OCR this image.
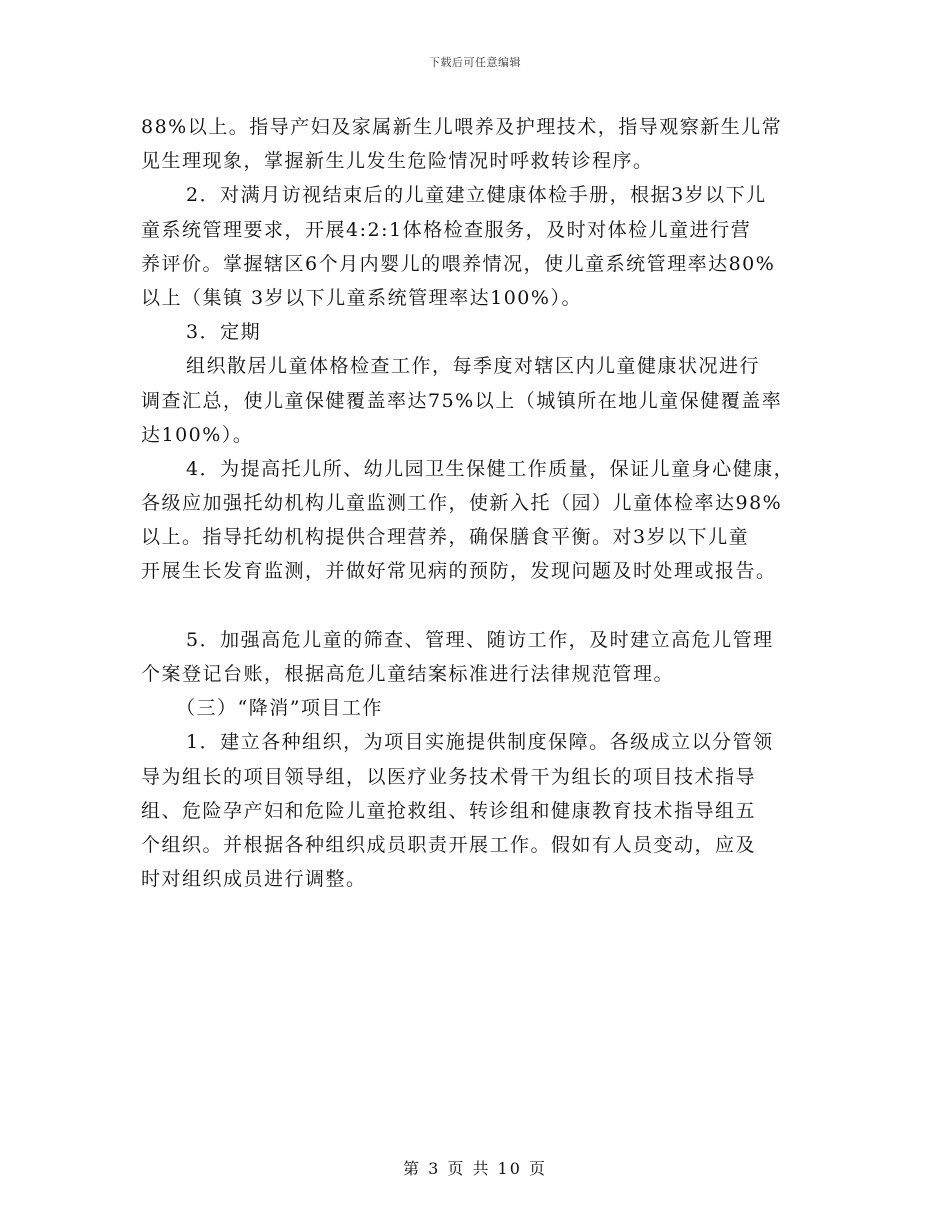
下载后可任意编辑
88%以上。指导产妇及家属新生儿喂养及护理技术，指导观察新生儿常
见生理现象，掌握新生儿发生危险情况时呼救转诊程序。
2．对满月访视结束后的儿童建立健康体检手册，根据3岁以下儿
童系统管理要求，开展4:2:1体格检查服务，及时对体检儿童进行营
养评价。掌握辖区6个月内婴儿的喂养情况，使儿童系统管理率达80%
以上（集镇 3岁以下儿童系统管理率达100%）。
3．定期
组织散居儿童体格检查工作，每季度对辖区内儿童健康状况进行
调查汇总，使儿童保健覆盖率达75%以上（城镇所在地儿童保健覆盖率
达100%）。
4．为提高托儿所、幼儿园卫生保健工作质量，保证儿童身心健康，
各级应加强托幼机构儿童监测工作，使新入托（园）儿童体检率达98%
以上。指导托幼机构提供合理营养，确保膳食平衡。对3岁以下儿童
开展生长发育监测，并做好常见病的预防，发现问题及时处理或报告。
5．加强高危儿童的筛查、管理、随访工作，及时建立高危儿管理
个案登记台账，根据高危儿童结案标准进行法律规范管理。
（三）“降消”项目工作
1．建立各种组织，为项目实施提供制度保障。各级成立以分管领
导为组长的项目领导组，以医疗业务技术骨干为组长的项目技术指导
组、危险孕产妇和危险儿童抢救组、转诊组和健康教育技术指导组五
个组织。并根据各种组织成员职责开展工作。假如有人员变动，应及
时对组织成员进行调整。
第 3 页 共 10 页
